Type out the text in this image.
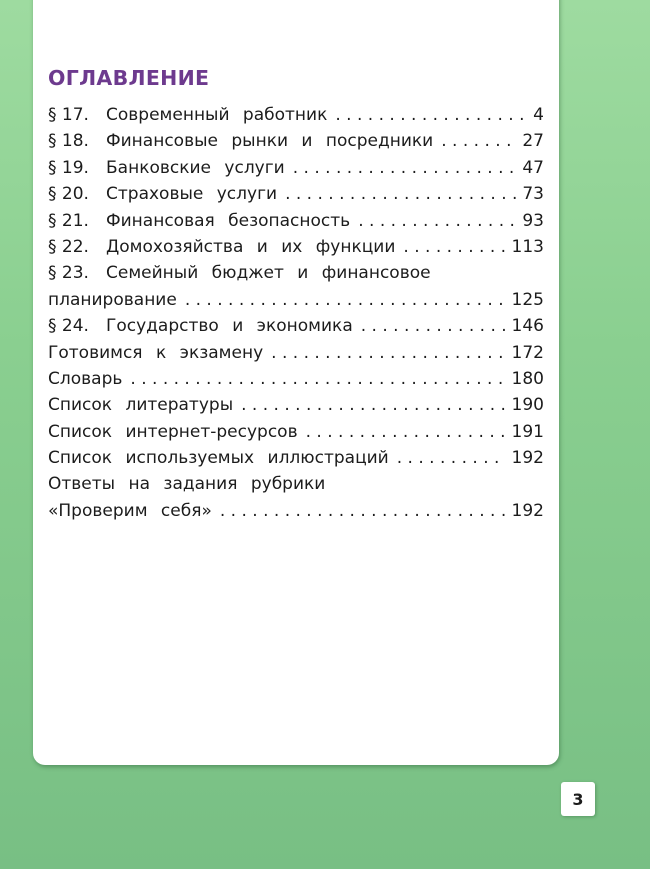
ОГЛАВЛЕНИЕ
§ 17.	Современный работник . . .	4
§ 18.	Финансовые рынки и посредники . . .	27
§ 19.	Банковские услуги . . .	47
§ 20.	Страховые услуги . . .	73
§ 21.	Финансовая безопасность . . .	93
§ 22.	Домохозяйства и их функции . . .	113
§ 23.	Семейный бюджет и финансовое
планирование . . .	125
§ 24.	Государство и экономика . . .	146
Готовимся к экзамену . . .	172
Словарь . . .	180
Список литературы . . .	190
Список интернет-ресурсов . . .	191
Список используемых иллюстраций . . .	192
Ответы на задания рубрики
«Проверим себя» . . .	192
3
